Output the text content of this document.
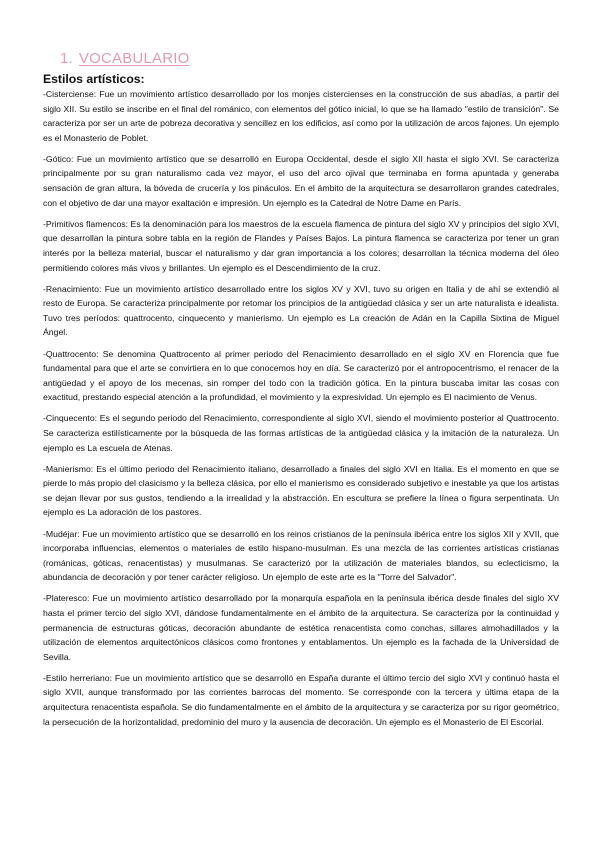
1. VOCABULARIO
Estilos artísticos:

-Cisterciense: Fue un movimiento artístico desarrollado por los monjes cistercienses en la construcción de sus abadías, a partir del siglo XII. Su estilo se inscribe en el final del románico, con elementos del gótico inicial, lo que se ha llamado "estilo de transición". Se caracteriza por ser un arte de pobreza decorativa y sencillez en los edificios, así como por la utilización de arcos fajones. Un ejemplo es el Monasterio de Poblet.

-Gótico: Fue un movimiento artístico que se desarrolló en Europa Occidental, desde el siglo XII hasta el siglo XVI. Se caracteriza principalmente por su gran naturalismo cada vez mayor, el uso del arco ojival que terminaba en forma apuntada y generaba sensación de gran altura, la bóveda de crucería y los pináculos. En el ámbito de la arquitectura se desarrollaron grandes catedrales, con el objetivo de dar una mayor exaltación e impresión. Un ejemplo es la Catedral de Notre Dame en París.

-Primitivos flamencos: Es la denominación para los maestros de la escuela flamenca de pintura del siglo XV y principios del siglo XVI, que desarrollan la pintura sobre tabla en la región de Flandes y Países Bajos. La pintura flamenca se caracteriza por tener un gran interés por la belleza material, buscar el naturalismo y dar gran importancia a los colores; desarrollan la técnica moderna del óleo permitiendo colores más vivos y brillantes. Un ejemplo es el Descendimiento de la cruz.

-Renacimiento: Fue un movimiento artístico desarrollado entre los siglos XV y XVI, tuvo su origen en Italia y de ahí se extendió al resto de Europa. Se caracteriza principalmente por retomar los principios de la antigüedad clásica y ser un arte naturalista e idealista. Tuvo tres períodos: quattrocento, cinquecento y manierismo. Un ejemplo es La creación de Adán en la Capilla Sixtina de Miguel Ángel.

-Quattrocento: Se denomina Quattrocento al primer periodo del Renacimiento desarrollado en el siglo XV en Florencia que fue fundamental para que el arte se convirtiera en lo que conocemos hoy en día. Se caracterizó por el antropocentrismo, el renacer de la antigüedad y el apoyo de los mecenas, sin romper del todo con la tradición gótica. En la pintura buscaba imitar las cosas con exactitud, prestando especial atención a la profundidad, el movimiento y la expresividad. Un ejemplo es El nacimiento de Venus.

-Cinquecento: Es el segundo periodo del Renacimiento, correspondiente al siglo XVI, siendo el movimiento posterior al Quattrocento. Se caracteriza estilísticamente por la búsqueda de las formas artísticas de la antigüedad clásica y la imitación de la naturaleza. Un ejemplo es La escuela de Atenas.

-Manierismo: Es el último periodo del Renacimiento italiano, desarrollado a finales del siglo XVI en Italia. Es el momento en que se pierde lo más propio del clasicismo y la belleza clásica, por ello el manierismo es considerado subjetivo e inestable ya que los artistas se dejan llevar por sus gustos, tendiendo a la irrealidad y la abstracción. En escultura se prefiere la línea o figura serpentinata. Un ejemplo es La adoración de los pastores.

-Mudéjar: Fue un movimiento artístico que se desarrolló en los reinos cristianos de la península ibérica entre los siglos XII y XVII, que incorporaba influencias, elementos o materiales de estilo hispano-musulman. Es una mezcla de las corrientes artísticas cristianas (románicas, góticas, renacentistas) y musulmanas. Se caracterizó por la utilización de materiales blandos, su eclecticismo, la abundancia de decoración y por tener carácter religioso. Un ejemplo de este arte es la "Torre del Salvador".

-Plateresco: Fue un movimiento artístico desarrollado por la monarquía española en la península ibérica desde finales del siglo XV hasta el primer tercio del siglo XVI, dándose fundamentalmente en el ámbito de la arquitectura. Se caracteriza por la continuidad y permanencia de estructuras góticas, decoración abundante de estética renacentista como conchas, sillares almohadillados y la utilización de elementos arquitectónicos clásicos como frontones y entablamentos. Un ejemplo es la fachada de la Universidad de Sevilla.

-Estilo herreriano: Fue un movimiento artístico que se desarrolló en España durante el último tercio del siglo XVI y continuó hasta el siglo XVII, aunque transformado por las corrientes barrocas del momento. Se corresponde con la tercera y última etapa de la arquitectura renacentista española. Se dio fundamentalmente en el ámbito de la arquitectura y se caracteriza por su rigor geométrico, la persecución de la horizontalidad, predominio del muro y la ausencia de decoración. Un ejemplo es el Monasterio de El Escorial.
